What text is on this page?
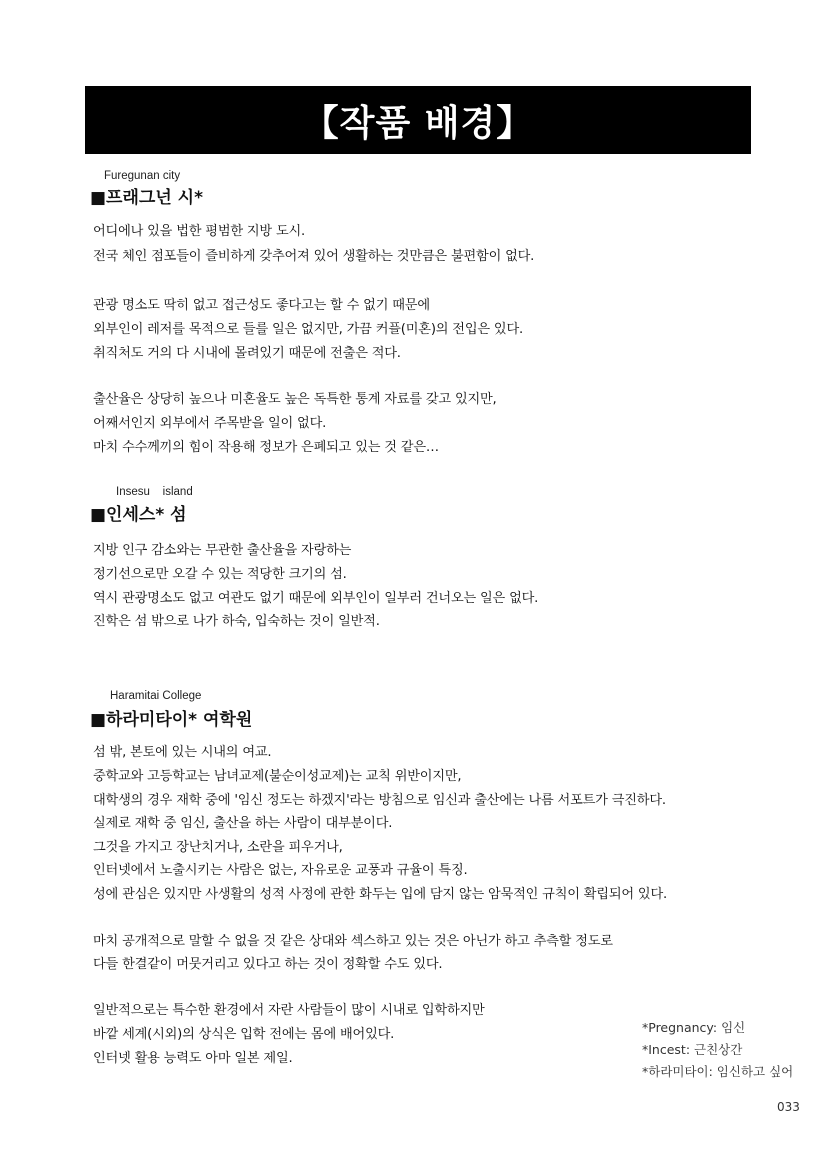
【작품 배경】
Furegunan city
■프래그넌 시*
어디에나 있을 법한 평범한 지방 도시.
전국 체인 점포들이 즐비하게 갖추어져 있어 생활하는 것만큼은 불편함이 없다.
관광 명소도 딱히 없고 접근성도 좋다고는 할 수 없기 때문에
외부인이 레저를 목적으로 들를 일은 없지만, 가끔 커플(미혼)의 전입은 있다.
취직처도 거의 다 시내에 몰려있기 때문에 전출은 적다.
출산율은 상당히 높으나 미혼율도 높은 독특한 통계 자료를 갖고 있지만,
어째서인지 외부에서 주목받을 일이 없다.
마치 수수께끼의 힘이 작용해 정보가 은폐되고 있는 것 같은…
Insesu    island
■인세스* 섬
지방 인구 감소와는 무관한 출산율을 자랑하는
정기선으로만 오갈 수 있는 적당한 크기의 섬.
역시 관광명소도 없고 여관도 없기 때문에 외부인이 일부러 건너오는 일은 없다.
진학은 섬 밖으로 나가 하숙, 입숙하는 것이 일반적.
Haramitai College
■하라미타이* 여학원
섬 밖, 본토에 있는 시내의 여교.
중학교와 고등학교는 남녀교제(불순이성교제)는 교칙 위반이지만,
대학생의 경우 재학 중에 '임신 정도는 하겠지'라는 방침으로 임신과 출산에는 나름 서포트가 극진하다.
실제로 재학 중 임신, 출산을 하는 사람이 대부분이다.
그것을 가지고 장난치거나, 소란을 피우거나,
인터넷에서 노출시키는 사람은 없는, 자유로운 교풍과 규율이 특징.
성에 관심은 있지만 사생활의 성적 사정에 관한 화두는 입에 담지 않는 암묵적인 규칙이 확립되어 있다.
마치 공개적으로 말할 수 없을 것 같은 상대와 섹스하고 있는 것은 아닌가 하고 추측할 정도로
다들 한결같이 머뭇거리고 있다고 하는 것이 정확할 수도 있다.
일반적으로는 특수한 환경에서 자란 사람들이 많이 시내로 입학하지만
바깥 세계(시외)의 상식은 입학 전에는 몸에 배어있다.
인터넷 활용 능력도 아마 일본 제일.
*Pregnancy: 임신
*Incest: 근친상간
*하라미타이: 임신하고 싶어
033
